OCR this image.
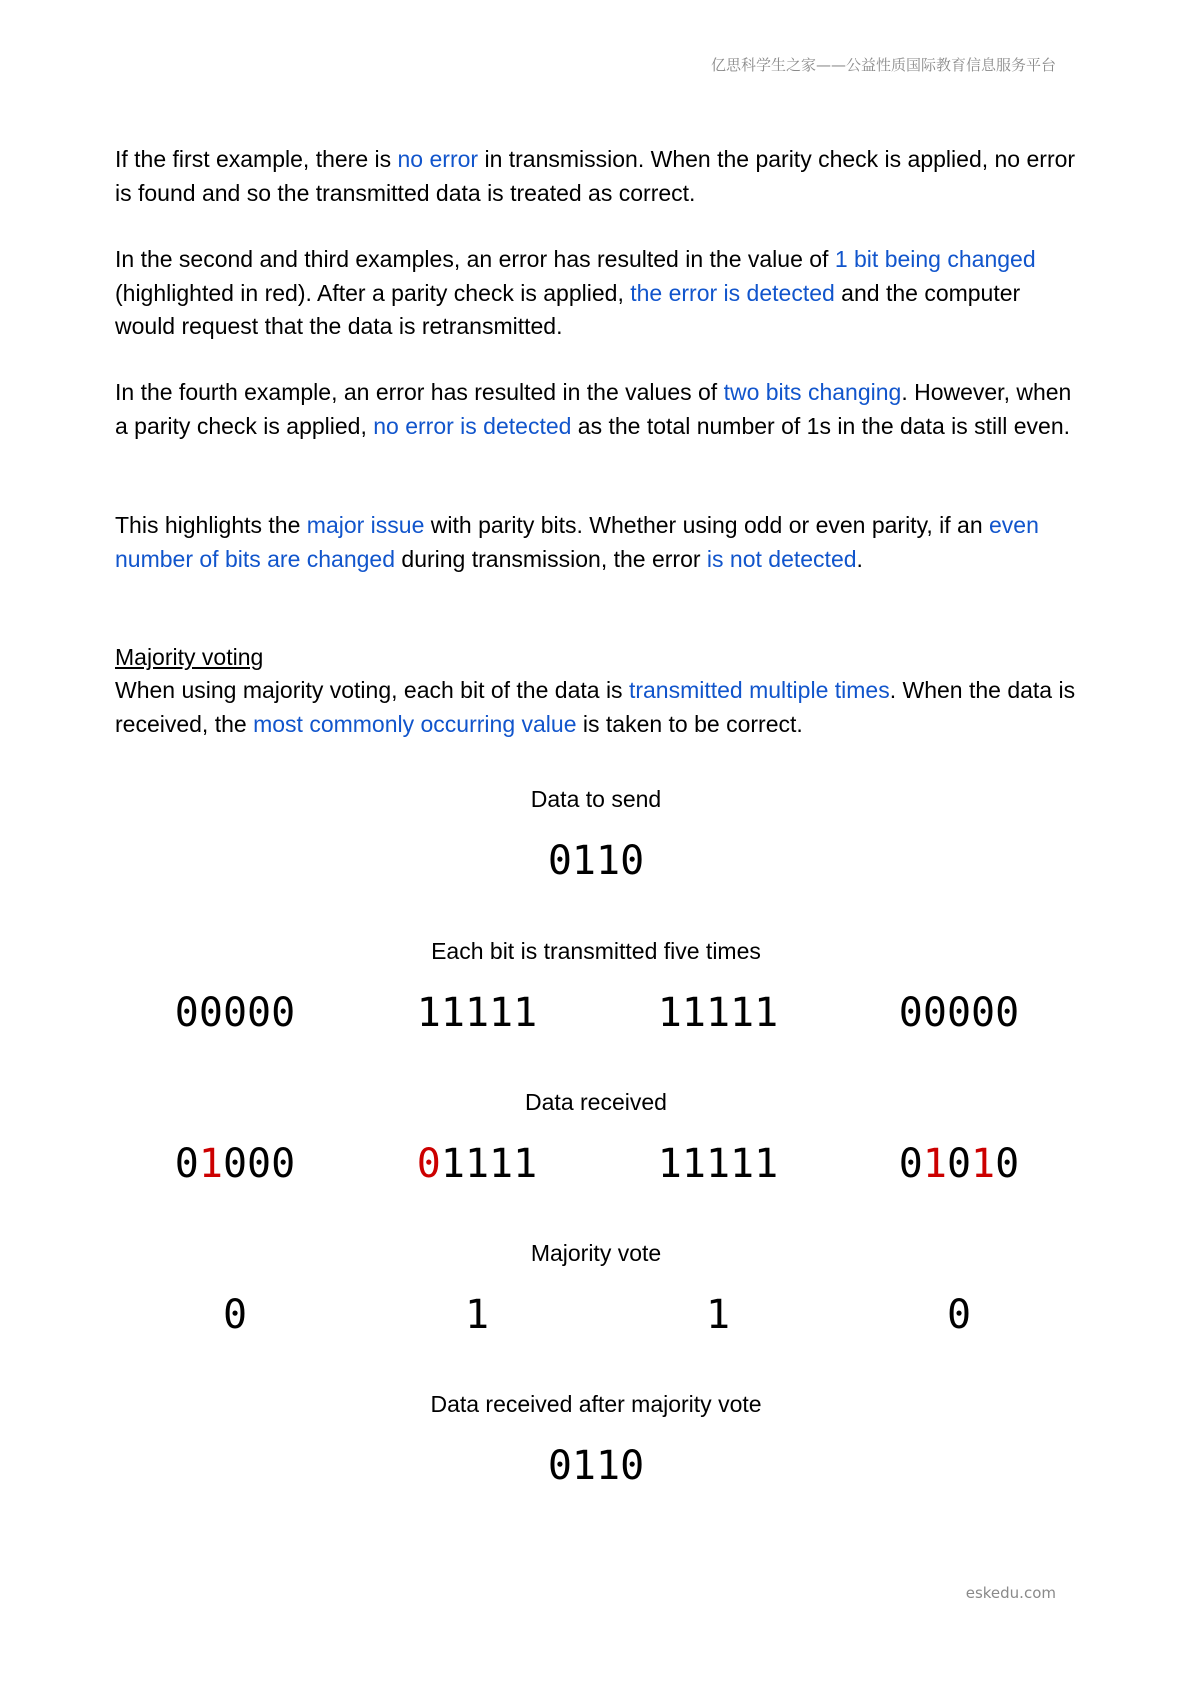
亿思科学生之家——公益性质国际教育信息服务平台

If the first example, there is no error in transmission. When the parity check is applied, no error is found and so the transmitted data is treated as correct.

In the second and third examples, an error has resulted in the value of 1 bit being changed (highlighted in red). After a parity check is applied, the error is detected and the computer would request that the data is retransmitted.

In the fourth example, an error has resulted in the values of two bits changing. However, when a parity check is applied, no error is detected as the total number of 1s in the data is still even.

This highlights the major issue with parity bits. Whether using odd or even parity, if an even number of bits are changed during transmission, the error is not detected.

Majority voting

When using majority voting, each bit of the data is transmitted multiple times. When the data is received, the most commonly occurring value is taken to be correct.

Data to send
0110
Each bit is transmitted five times
00000	11111	11111	00000
Data received
01000	01111	11111	01010
Majority vote
0	1	1	0
Data received after majority vote
0110
eskedu.com
